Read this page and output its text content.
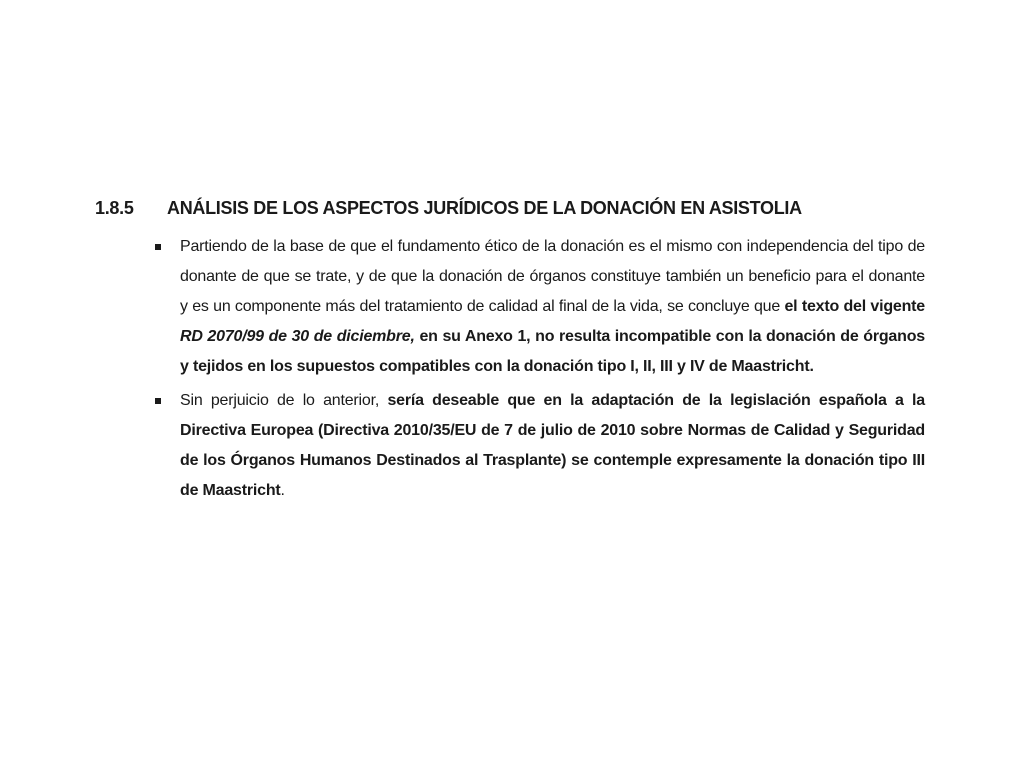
1.8.5 ANÁLISIS DE LOS ASPECTOS JURÍDICOS DE LA DONACIÓN EN ASISTOLIA
Partiendo de la base de que el fundamento ético de la donación es el mismo con independencia del tipo de donante de que se trate, y de que la donación de órganos constituye también un beneficio para el donante y es un componente más del tratamiento de calidad al final de la vida, se concluye que el texto del vigente RD 2070/99 de 30 de diciembre, en su Anexo 1, no resulta incompatible con la donación de órganos y tejidos en los supuestos compatibles con la donación tipo I, II, III y IV de Maastricht.
Sin perjuicio de lo anterior, sería deseable que en la adaptación de la legislación española a la Directiva Europea (Directiva 2010/35/EU de 7 de julio de 2010 sobre Normas de Calidad y Seguridad de los Órganos Humanos Destinados al Trasplante) se contemple expresamente la donación tipo III de Maastricht.
